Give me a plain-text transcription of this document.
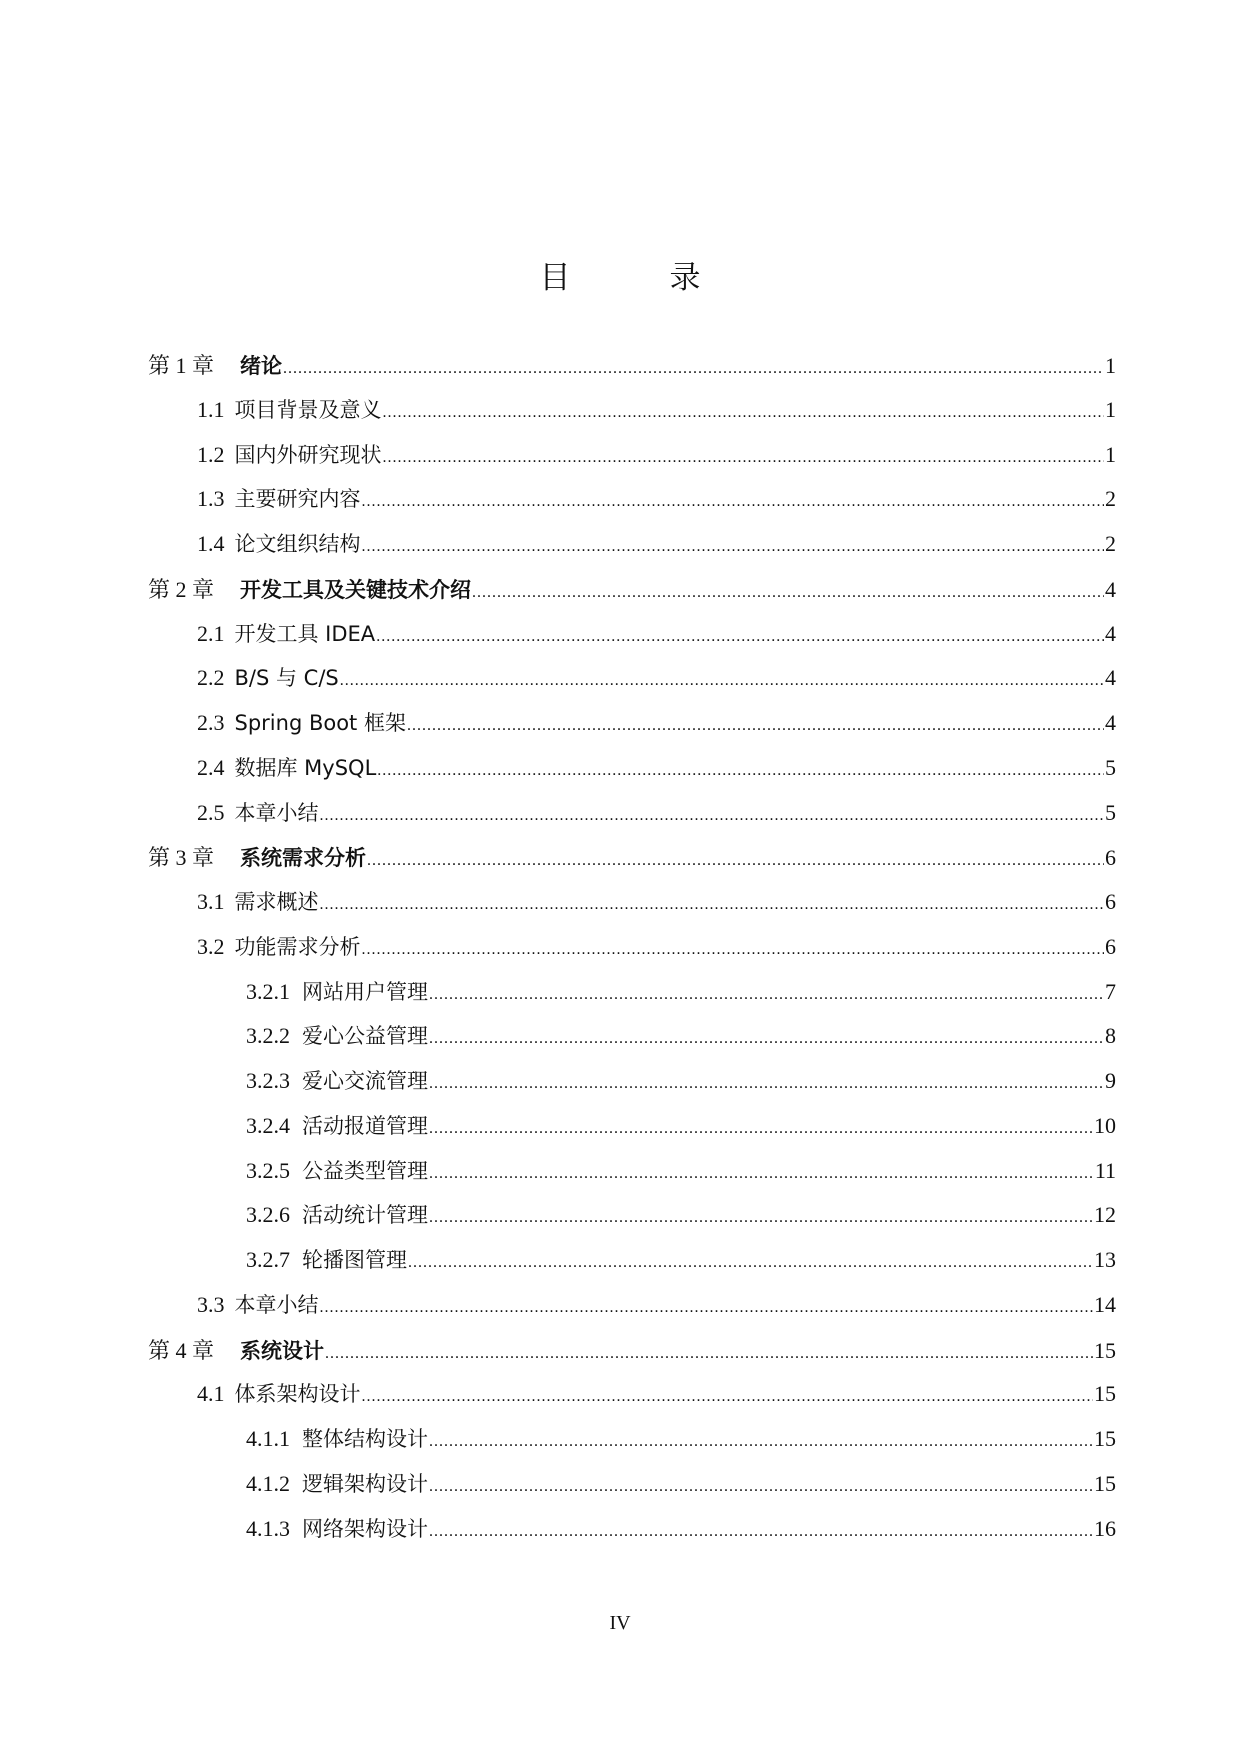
目　录
第 1 章 绪论 .....	1
1.1 项目背景及意义 .....	1
1.2 国内外研究现状 .....	1
1.3 主要研究内容 .....	2
1.4 论文组织结构 .....	2
第 2 章 开发工具及关键技术介绍 .....	4
2.1 开发工具 IDEA .....	4
2.2 B/S 与 C/S .....	4
2.3 Spring Boot 框架 .....	4
2.4 数据库 MySQL .....	5
2.5 本章小结 .....	5
第 3 章 系统需求分析 .....	6
3.1 需求概述 .....	6
3.2 功能需求分析 .....	6
3.2.1 网站用户管理 .....	7
3.2.2 爱心公益管理 .....	8
3.2.3 爱心交流管理 .....	9
3.2.4 活动报道管理 .....	10
3.2.5 公益类型管理 .....	11
3.2.6 活动统计管理 .....	12
3.2.7 轮播图管理 .....	13
3.3 本章小结 .....	14
第 4 章 系统设计 .....	15
4.1 体系架构设计 .....	15
4.1.1 整体结构设计 .....	15
4.1.2 逻辑架构设计 .....	15
4.1.3 网络架构设计 .....	16
IV
